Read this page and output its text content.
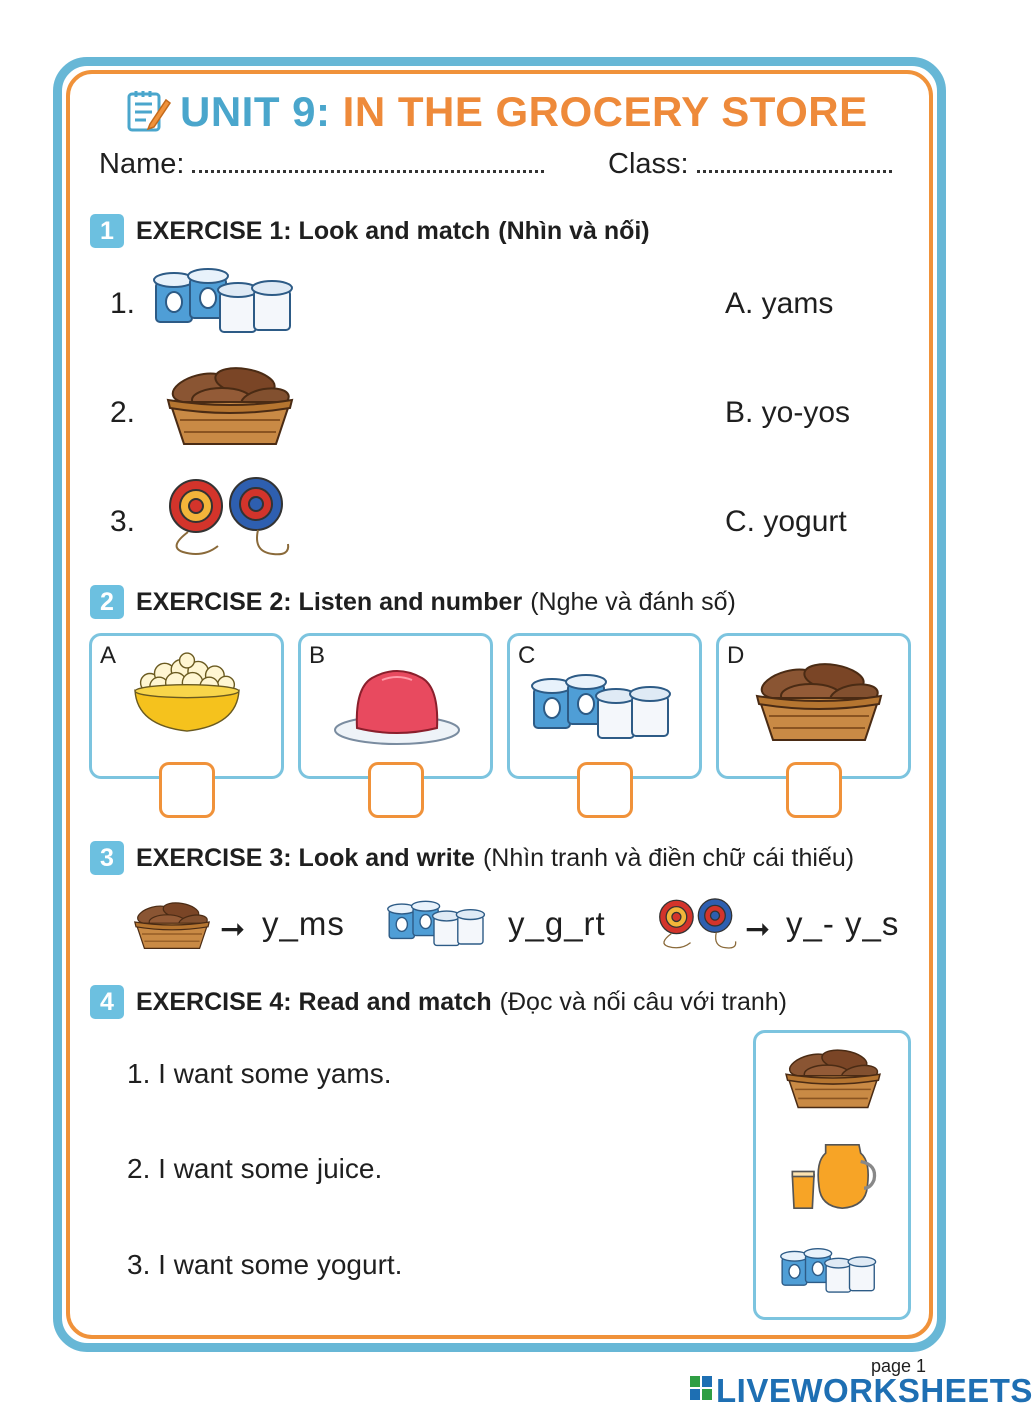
UNIT 9: IN THE GROCERY STORE
Name:	Class:
1 EXERCISE 1: Look and match (Nhìn và nối)
1.
2.
3.
A. yams
B. yo-yos
C. yogurt
2 EXERCISE 2: Listen and number (Nghe và đánh số)
A	B	C	D
3 EXERCISE 3: Look and write (Nhìn tranh và điền chữ cái thiếu)
➞ y_ms	y_g_rt	➞ y_- y_s
4 EXERCISE 4: Read and match (Đọc và nối câu với tranh)
1. I want some yams.
2. I want some juice.
3. I want some yogurt.
page 1
LIVEWORKSHEETS
